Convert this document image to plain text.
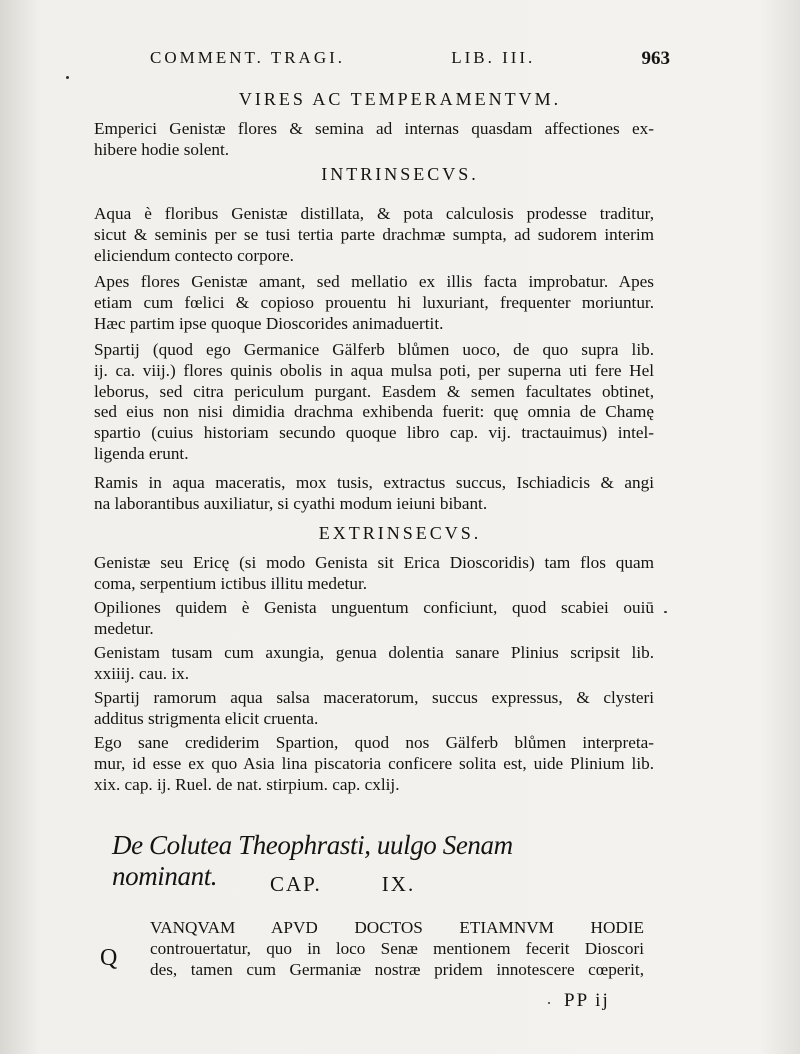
COMMENT. TRAGI.	LIB. III.	963
VIRES AC TEMPERAMENTVM.
Emperici Genistæ flores & semina ad internas quasdam affectiones ex-
hibere hodie solent.
INTRINSECVS.
Aqua è floribus Genistæ distillata, & pota calculosis prodesse traditur,
sicut & seminis per se tusi tertia parte drachmæ sumpta, ad sudorem interim
eliciendum contecto corpore.
Apes flores Genistæ amant, sed mellatio ex illis facta improbatur. Apes
etiam cum fœlici & copioso prouentu hi luxuriant, frequenter moriuntur.
Hæc partim ipse quoque Dioscorides animaduertit.
Spartij (quod ego Germanice Gälferb blůmen uoco, de quo supra lib.
ij. ca. viij.) flores quinis obolis in aqua mulsa poti, per superna uti fere Hel
leborus, sed citra periculum purgant. Easdem & semen facultates obtinet,
sed eius non nisi dimidia drachma exhibenda fuerit: quę omnia de Chamę
spartio (cuius historiam secundo quoque libro cap. vij. tractauimus) intel-
ligenda erunt.
Ramis in aqua maceratis, mox tusis, extractus succus, Ischiadicis & angi
na laborantibus auxiliatur, si cyathi modum ieiuni bibant.
EXTRINSECVS.
Genistæ seu Ericę (si modo Genista sit Erica Dioscoridis) tam flos quam
coma, serpentium ictibus illitu medetur.
Opiliones quidem è Genista unguentum conficiunt, quod scabiei ouiū
medetur.
Genistam tusam cum axungia, genua dolentia sanare Plinius scripsit lib.
xxiiij. cau. ix.
Spartij ramorum aqua salsa maceratorum, succus expressus, & clysteri
additus strigmenta elicit cruenta.
Ego sane crediderim Spartion, quod nos Gälferb blůmen interpreta-
mur, id esse ex quo Asia lina piscatoria conficere solita est, uide Plinium lib.
xix. cap. ij. Ruel. de nat. stirpium. cap. cxlij.
De Colutea Theophrasti, uulgo Senam nominant.	CAP.	IX.
Q
VANQVAM APVD DOCTOS ETIAMNVM HODIE
controuertatur, quo in loco Senæ mentionem fecerit Dioscori
des, tamen cum Germaniæ nostræ pridem innotescere cœperit,
PP ij
